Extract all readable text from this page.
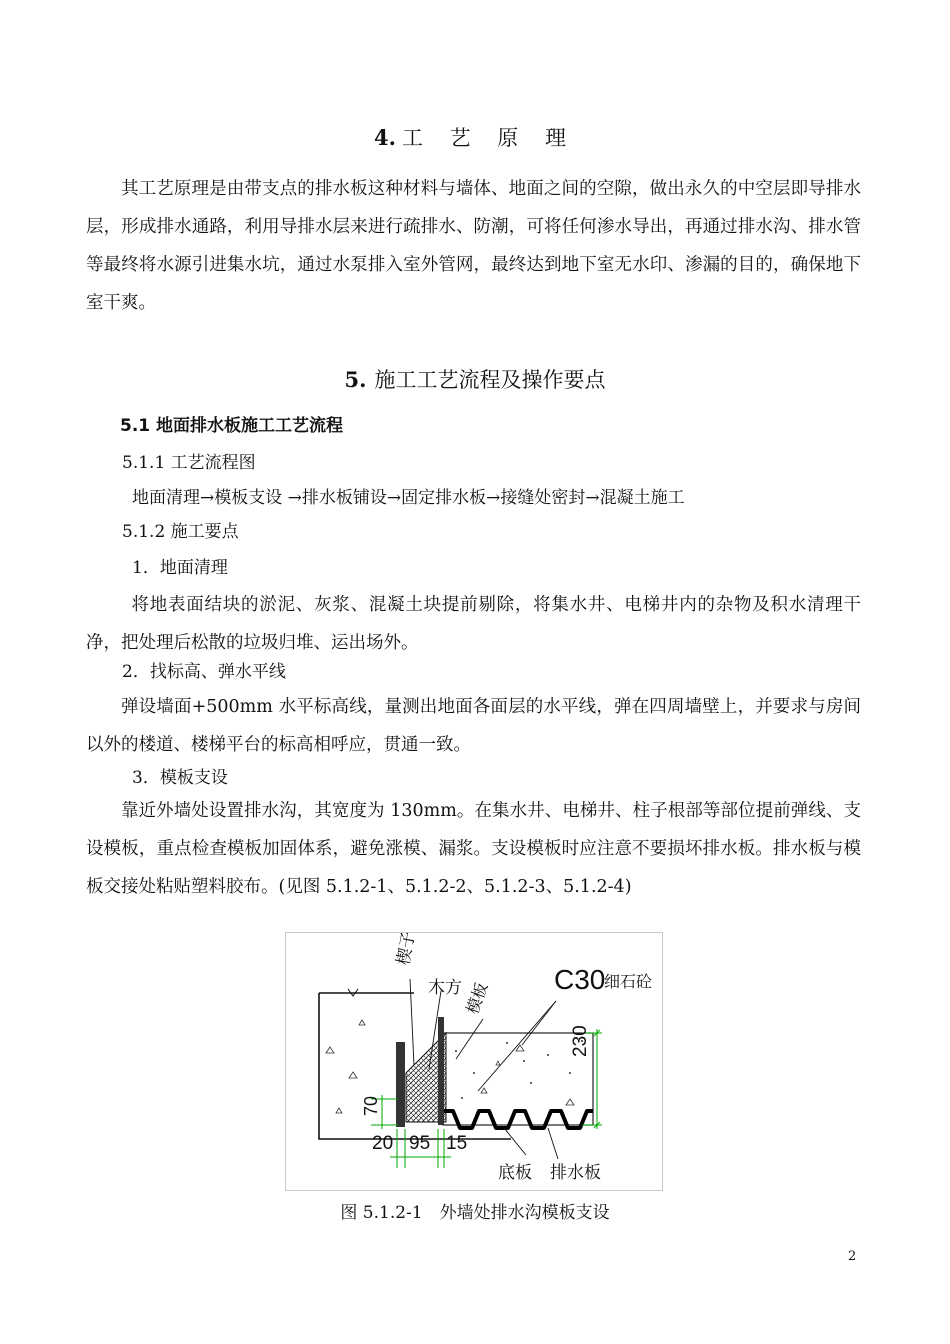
4. 工 艺 原 理
其工艺原理是由带支点的排水板这种材料与墙体、地面之间的空隙，做出永久的中空层即导排水层，形成排水通路，利用导排水层来进行疏排水、防潮，可将任何渗水导出，再通过排水沟、排水管等最终将水源引进集水坑，通过水泵排入室外管网，最终达到地下室无水印、渗漏的目的，确保地下室干爽。
5. 施工工艺流程及操作要点
5.1 地面排水板施工工艺流程
5.1.1 工艺流程图
地面清理→模板支设 →排水板铺设→固定排水板→接缝处密封→混凝土施工
5.1.2 施工要点
1．地面清理
将地表面结块的淤泥、灰浆、混凝土块提前剔除，将集水井、电梯井内的杂物及积水清理干净，把处理后松散的垃圾归堆、运出场外。
2．找标高、弹水平线
弹设墙面+500mm 水平标高线，量测出地面各面层的水平线，弹在四周墙壁上，并要求与房间以外的楼道、楼梯平台的标高相呼应，贯通一致。
3．模板支设
靠近外墙处设置排水沟，其宽度为 130mm。在集水井、电梯井、柱子根部等部位提前弹线、支设模板，重点检查模板加固体系，避免涨模、漏浆。支设模板时应注意不要损坏排水板。排水板与模板交接处粘贴塑料胶布。(见图 5.1.2-1、5.1.2-2、5.1.2-3、5.1.2-4)
230
70
20 95 15
楔子
木方 模板
C30
细石砼
底板 排水板
图 5.1.2-1　外墙处排水沟模板支设
2
